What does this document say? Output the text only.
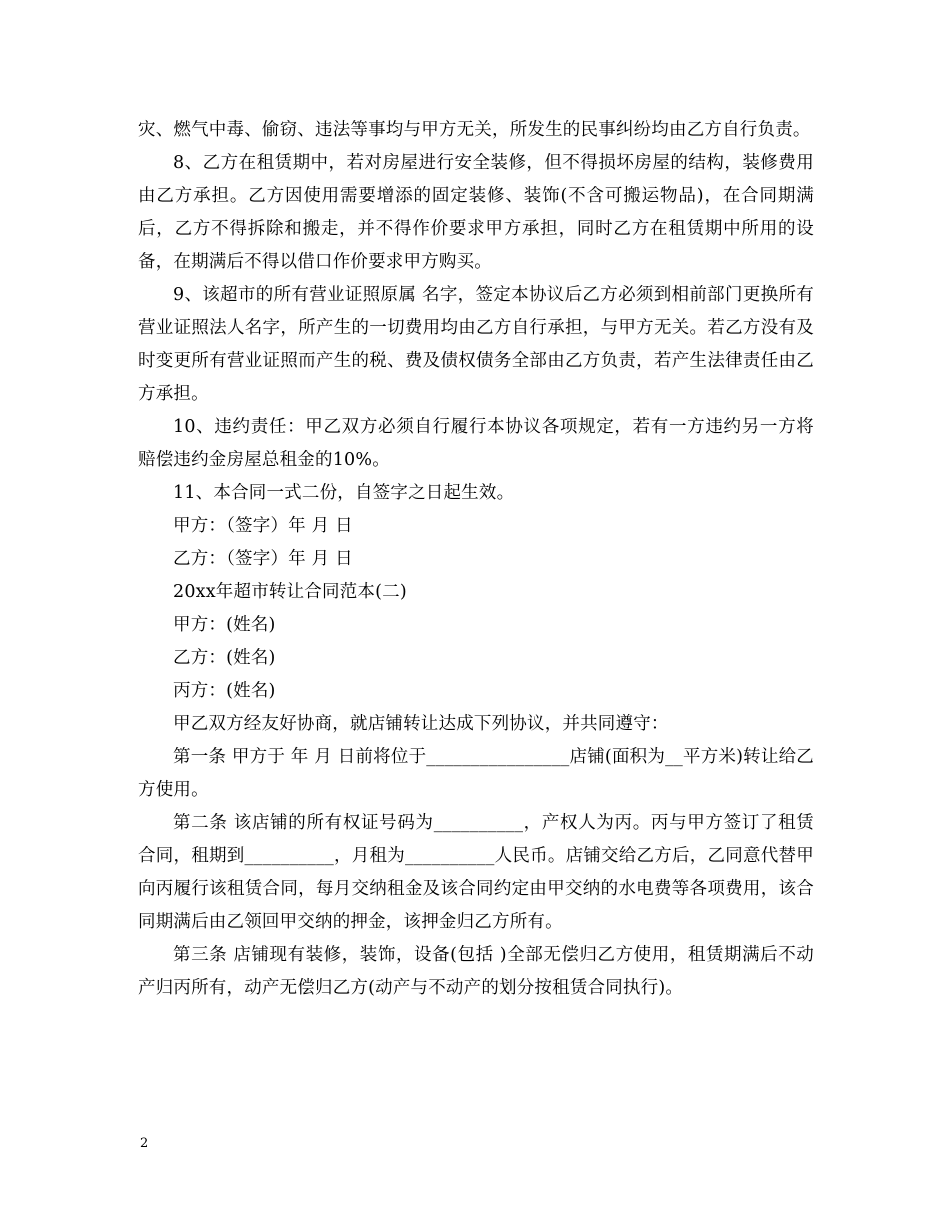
灾、燃气中毒、偷窃、违法等事均与甲方无关，所发生的民事纠纷均由乙方自行负责。

8、乙方在租赁期中，若对房屋进行安全装修，但不得损坏房屋的结构，装修费用由乙方承担。乙方因使用需要增添的固定装修、装饰(不含可搬运物品)，在合同期满后，乙方不得拆除和搬走，并不得作价要求甲方承担，同时乙方在租赁期中所用的设备，在期满后不得以借口作价要求甲方购买。

9、该超市的所有营业证照原属 名字，签定本协议后乙方必须到相前部门更换所有营业证照法人名字，所产生的一切费用均由乙方自行承担，与甲方无关。若乙方没有及时变更所有营业证照而产生的税、费及债权债务全部由乙方负责，若产生法律责任由乙方承担。

10、违约责任：甲乙双方必须自行履行本协议各项规定，若有一方违约另一方将赔偿违约金房屋总租金的10%。

11、本合同一式二份，自签字之日起生效。

甲方：（签字）年 月 日

乙方：（签字）年 月 日

20xx年超市转让合同范本(二)

甲方：(姓名)

乙方：(姓名)

丙方：(姓名)

甲乙双方经友好协商，就店铺转让达成下列协议，并共同遵守：

第一条 甲方于 年 月 日前将位于________________店铺(面积为__平方米)转让给乙方使用。

第二条 该店铺的所有权证号码为__________，产权人为丙。丙与甲方签订了租赁合同，租期到__________，月租为__________人民币。店铺交给乙方后，乙同意代替甲向丙履行该租赁合同，每月交纳租金及该合同约定由甲交纳的水电费等各项费用，该合同期满后由乙领回甲交纳的押金，该押金归乙方所有。

第三条 店铺现有装修，装饰，设备(包括 )全部无偿归乙方使用，租赁期满后不动产归丙所有，动产无偿归乙方(动产与不动产的划分按租赁合同执行)。

2
